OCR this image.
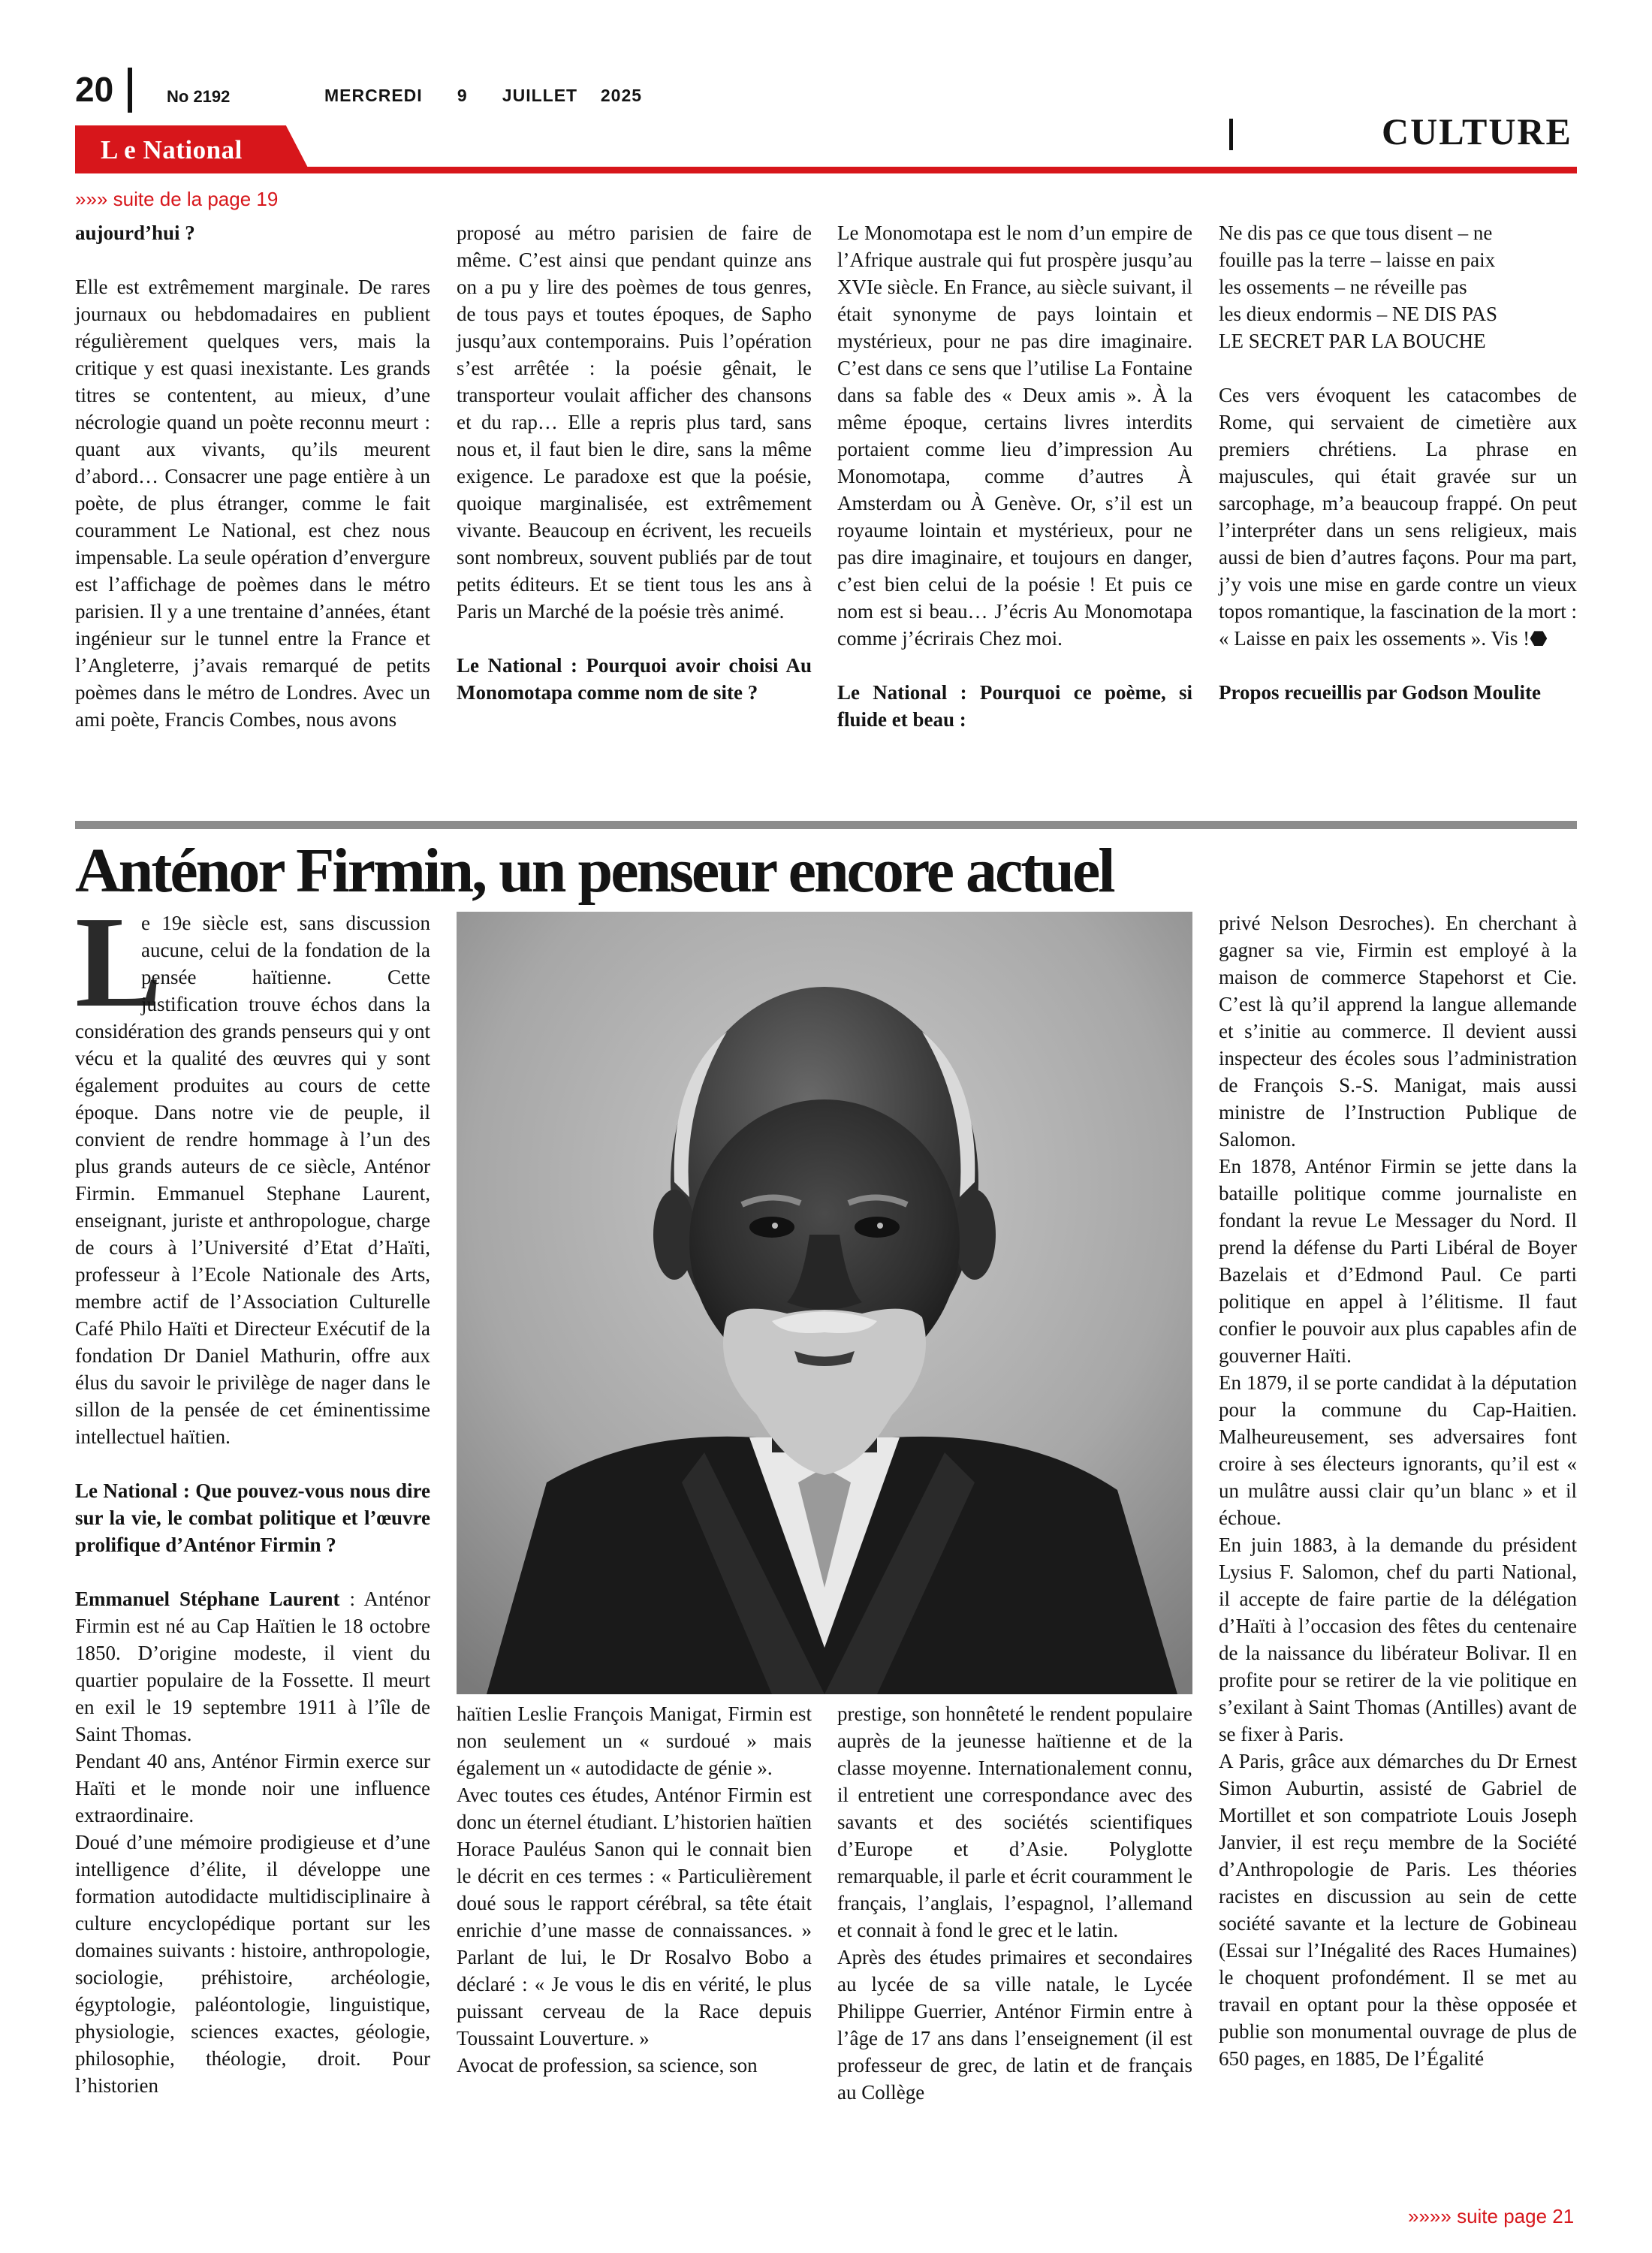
20	No 2192	MERCREDI   9   JUILLET  2025
L e National	CULTURE
»»» suite de la page 19

aujourd’hui ?

Elle est extrêmement marginale. De rares journaux ou hebdomadaires en publient régulièrement quelques vers, mais la critique y est quasi inexistante. Les grands titres se contentent, au mieux, d’une nécrologie quand un poète reconnu meurt : quant aux vivants, qu’ils meurent d’abord… Consacrer une page entière à un poète, de plus étranger, comme le fait couramment Le National, est chez nous impensable. La seule opération d’envergure est l’affichage de poèmes dans le métro parisien. Il y a une trentaine d’années, étant ingénieur sur le tunnel entre la France et l’Angleterre, j’avais remarqué de petits poèmes dans le métro de Londres. Avec un ami poète, Francis Combes, nous avons

proposé au métro parisien de faire de même. C’est ainsi que pendant quinze ans on a pu y lire des poèmes de tous genres, de tous pays et toutes époques, de Sapho jusqu’aux contemporains. Puis l’opération s’est arrêtée : la poésie gênait, le transporteur voulait afficher des chansons et du rap… Elle a repris plus tard, sans nous et, il faut bien le dire, sans la même exigence. Le paradoxe est que la poésie, quoique marginalisée, est extrêmement vivante. Beaucoup en écrivent, les recueils sont nombreux, souvent publiés par de tout petits éditeurs. Et se tient tous les ans à Paris un Marché de la poésie très animé.

Le National : Pourquoi avoir choisi Au Monomotapa comme nom de site ?

Le Monomotapa est le nom d’un empire de l’Afrique australe qui fut prospère jusqu’au XVIe siècle. En France, au siècle suivant, il était synonyme de pays lointain et mystérieux, pour ne pas dire imaginaire. C’est dans ce sens que l’utilise La Fontaine dans sa fable des « Deux amis ». À la même époque, certains livres interdits portaient comme lieu d’impression Au Monomotapa, comme d’autres À Amsterdam ou À Genève. Or, s’il est un royaume lointain et mystérieux, pour ne pas dire imaginaire, et toujours en danger, c’est bien celui de la poésie ! Et puis ce nom est si beau… J’écris Au Monomotapa comme j’écrirais Chez moi.

Le National : Pourquoi ce poème, si fluide et beau :

Ne dis pas ce que tous disent – ne

fouille pas la terre – laisse en paix

les ossements – ne réveille pas

les dieux endormis – NE DIS PAS

LE SECRET PAR LA BOUCHE

Ces vers évoquent les catacombes de Rome, qui servaient de cimetière aux premiers chrétiens. La phrase en majuscules, qui était gravée sur un sarcophage, m’a beaucoup frappé. On peut l’interpréter dans un sens religieux, mais aussi de bien d’autres façons. Pour ma part, j’y vois une mise en garde contre un vieux topos romantique, la fascination de la mort : « Laisse en paix les ossements ». Vis !⬣

Propos recueillis par Godson Moulite

Anténor Firmin, un penseur encore actuel
L

e 19e siècle est, sans discussion aucune, celui de la fondation de la pensée haïtienne. Cette justification trouve échos dans la considération des grands penseurs qui y ont vécu et la qualité des œuvres qui y sont également produites au cours de cette époque. Dans notre vie de peuple, il convient de rendre hommage à l’un des plus grands auteurs de ce siècle, Anténor Firmin. Emmanuel Stephane Laurent, enseignant, juriste et anthropologue, charge de cours à l’Université d’Etat d’Haïti, professeur à l’Ecole Nationale des Arts, membre actif de l’Association Culturelle Café Philo Haïti et Directeur Exécutif de la fondation Dr Daniel Mathurin, offre aux élus du savoir le privilège de nager dans le sillon de la pensée de cet éminentissime intellectuel haïtien.

Le National : Que pouvez-vous nous dire sur la vie, le combat politique et l’œuvre prolifique d’Anténor Firmin ?

Emmanuel Stéphane Laurent : Anténor Firmin est né au Cap Haïtien le 18 octobre 1850. D’origine modeste, il vient du quartier populaire de la Fossette. Il meurt en exil le 19 septembre 1911 à l’île de Saint Thomas.

Pendant 40 ans, Anténor Firmin exerce sur Haïti et le monde noir une influence extraordinaire.

Doué d’une mémoire prodigieuse et d’une intelligence d’élite, il développe une formation autodidacte multidisciplinaire à culture encyclopédique portant sur les domaines suivants : histoire, anthropologie, sociologie, préhistoire, archéologie, égyptologie, paléontologie, linguistique, physiologie, sciences exactes, géologie, philosophie, théologie, droit. Pour l’historien

haïtien Leslie François Manigat, Firmin est non seulement un « surdoué » mais également un « autodidacte de génie ».

Avec toutes ces études, Anténor Firmin est donc un éternel étudiant. L’historien haïtien Horace Pauléus Sanon qui le connait bien le décrit en ces termes : « Particulièrement doué sous le rapport cérébral, sa tête était enrichie d’une masse de connaissances. » Parlant de lui, le Dr Rosalvo Bobo a déclaré : « Je vous le dis en vérité, le plus puissant cerveau de la Race depuis Toussaint Louverture. »

Avocat de profession, sa science, son

prestige, son honnêteté le rendent populaire auprès de la jeunesse haïtienne et de la classe moyenne. Internationalement connu, il entretient une correspondance avec des savants et des sociétés scientifiques d’Europe et d’Asie. Polyglotte remarquable, il parle et écrit couramment le français, l’anglais, l’espagnol, l’allemand et connait à fond le grec et le latin.

Après des études primaires et secondaires au lycée de sa ville natale, le Lycée Philippe Guerrier, Anténor Firmin entre à l’âge de 17 ans dans l’enseignement (il est professeur de grec, de latin et de français au Collège

privé Nelson Desroches). En cherchant à gagner sa vie, Firmin est employé à la maison de commerce Stapehorst et Cie. C’est là qu’il apprend la langue allemande et s’initie au commerce. Il devient aussi inspecteur des écoles sous l’administration de François S.-S. Manigat, mais aussi ministre de l’Instruction Publique de Salomon.

En 1878, Anténor Firmin se jette dans la bataille politique comme journaliste en fondant la revue Le Messager du Nord. Il prend la défense du Parti Libéral de Boyer Bazelais et d’Edmond Paul. Ce parti politique en appel à l’élitisme. Il faut confier le pouvoir aux plus capables afin de gouverner Haïti.

En 1879, il se porte candidat à la députation pour la commune du Cap-Haitien. Malheureusement, ses adversaires font croire à ses électeurs ignorants, qu’il est « un mulâtre aussi clair qu’un blanc » et il échoue.

En juin 1883, à la demande du président Lysius F. Salomon, chef du parti National, il accepte de faire partie de la délégation d’Haïti à l’occasion des fêtes du centenaire de la naissance du libérateur Bolivar. Il en profite pour se retirer de la vie politique en s’exilant à Saint Thomas (Antilles) avant de se fixer à Paris.

A Paris, grâce aux démarches du Dr Ernest Simon Auburtin, assisté de Gabriel de Mortillet et son compatriote Louis Joseph Janvier, il est reçu membre de la Société d’Anthropologie de Paris. Les théories racistes en discussion au sein de cette société savante et la lecture de Gobineau (Essai sur l’Inégalité des Races Humaines) le choquent profondément. Il se met au travail en optant pour la thèse opposée et publie son monumental ouvrage de plus de 650 pages, en 1885, De l’Égalité

»»»» suite page 21
